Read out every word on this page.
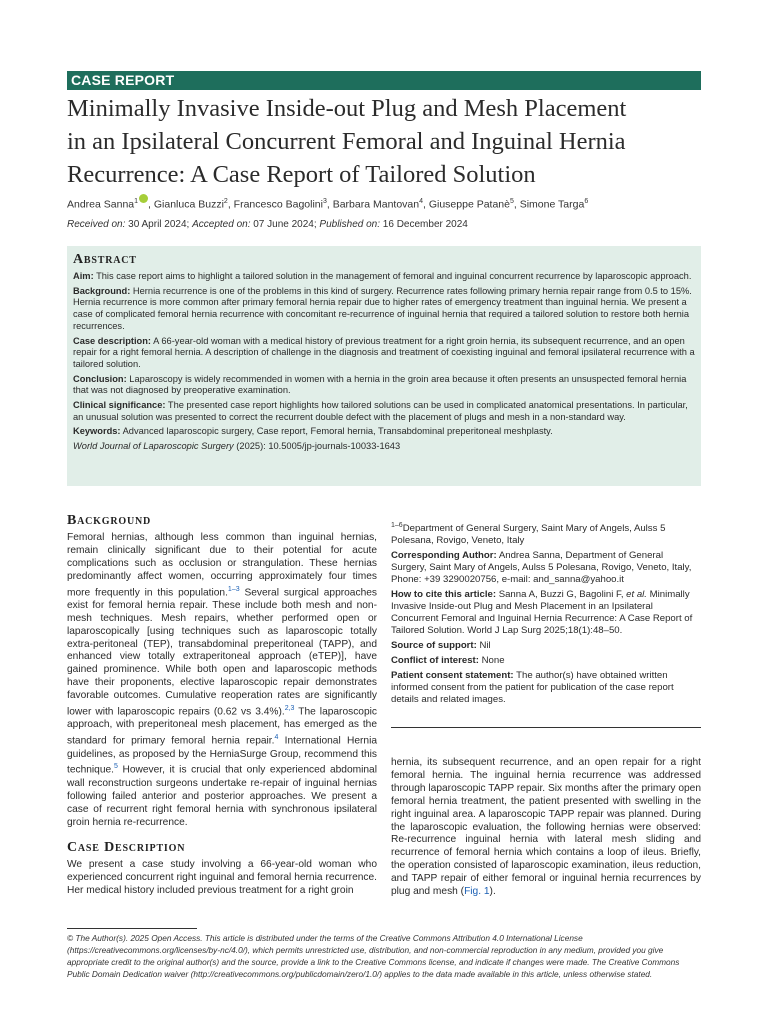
CASE REPORT
Minimally Invasive Inside-out Plug and Mesh Placement
in an Ipsilateral Concurrent Femoral and Inguinal Hernia
Recurrence: A Case Report of Tailored Solution
Andrea Sanna$^1$ , Gianluca Buzzi$^2$, Francesco Bagolini$^3$, Barbara Mantovan$^4$, Giuseppe Patanè$^5$, Simone Targa$^6$
Received on: 30 April 2024; Accepted on: 07 June 2024; Published on: 16 December 2024
Abstract

Aim: This case report aims to highlight a tailored solution in the management of femoral and inguinal concurrent recurrence by laparoscopic approach.

Background: Hernia recurrence is one of the problems in this kind of surgery. Recurrence rates following primary hernia repair range from 0.5 to 15%. Hernia recurrence is more common after primary femoral hernia repair due to higher rates of emergency treatment than inguinal hernia. We present a case of complicated femoral hernia recurrence with concomitant re-recurrence of inguinal hernia that required a tailored solution to restore both hernia recurrences.

Case description: A 66-year-old woman with a medical history of previous treatment for a right groin hernia, its subsequent recurrence, and an open repair for a right femoral hernia. A description of challenge in the diagnosis and treatment of coexisting inguinal and femoral ipsilateral recurrence with a tailored solution.

Conclusion: Laparoscopy is widely recommended in women with a hernia in the groin area because it often presents an unsuspected femoral hernia that was not diagnosed by preoperative examination.

Clinical significance: The presented case report highlights how tailored solutions can be used in complicated anatomical presentations. In particular, an unusual solution was presented to correct the recurrent double defect with the placement of plugs and mesh in a non-standard way.

Keywords: Advanced laparoscopic surgery, Case report, Femoral hernia, Transabdominal preperitoneal meshplasty.

World Journal of Laparoscopic Surgery (2025): 10.5005/jp-journals-10033-1643

Background

Femoral hernias, although less common than inguinal hernias, remain clinically significant due to their potential for acute complications such as occlusion or strangulation. These hernias predominantly affect women, occurring approximately four times more frequently in this population.$^{1-3}$ Several surgical approaches exist for femoral hernia repair. These include both mesh and non-mesh techniques. Mesh repairs, whether performed open or laparoscopically [using techniques such as laparoscopic totally extra-peritoneal (TEP), transabdominal preperitoneal (TAPP), and enhanced view totally extraperitoneal approach (eTEP)], have gained prominence. While both open and laparoscopic methods have their proponents, elective laparoscopic repair demonstrates favorable outcomes. Cumulative reoperation rates are significantly lower with laparoscopic repairs (0.62 vs 3.4%).$^{2,3}$ The laparoscopic approach, with preperitoneal mesh placement, has emerged as the standard for primary femoral hernia repair.$^4$ International Hernia guidelines, as proposed by the HerniaSurge Group, recommend this technique.$^5$ However, it is crucial that only experienced abdominal wall reconstruction surgeons undertake re-repair of inguinal hernias following failed anterior and posterior approaches. We present a case of recurrent right femoral hernia with synchronous ipsilateral groin hernia re-recurrence.

Case Description

We present a case study involving a 66-year-old woman who experienced concurrent right inguinal and femoral hernia recurrence. Her medical history included previous treatment for a right groin

$^{1-6}$Department of General Surgery, Saint Mary of Angels, Aulss 5 Polesana, Rovigo, Veneto, Italy

Corresponding Author: Andrea Sanna, Department of General Surgery, Saint Mary of Angels, Aulss 5 Polesana, Rovigo, Veneto, Italy, Phone: +39 3290020756, e-mail: and_sanna@yahoo.it

How to cite this article: Sanna A, Buzzi G, Bagolini F, et al. Minimally Invasive Inside-out Plug and Mesh Placement in an Ipsilateral Concurrent Femoral and Inguinal Hernia Recurrence: A Case Report of Tailored Solution. World J Lap Surg 2025;18(1):48–50.

Source of support: Nil

Conflict of interest: None

Patient consent statement: The author(s) have obtained written informed consent from the patient for publication of the case report details and related images.

hernia, its subsequent recurrence, and an open repair for a right femoral hernia. The inguinal hernia recurrence was addressed through laparoscopic TAPP repair. Six months after the primary open femoral hernia treatment, the patient presented with swelling in the right inguinal area. A laparoscopic TAPP repair was planned. During the laparoscopic evaluation, the following hernias were observed: Re-recurrence inguinal hernia with lateral mesh sliding and recurrence of femoral hernia which contains a loop of ileus. Briefly, the operation consisted of laparoscopic examination, ileus reduction, and TAPP repair of either femoral or inguinal hernia recurrences by plug and mesh (Fig. 1).

© The Author(s). 2025 Open Access. This article is distributed under the terms of the Creative Commons Attribution 4.0 International License (https://creativecommons.org/licenses/by-nc/4.0/), which permits unrestricted use, distribution, and non-commercial reproduction in any medium, provided you give appropriate credit to the original author(s) and the source, provide a link to the Creative Commons license, and indicate if changes were made. The Creative Commons Public Domain Dedication waiver (http://creativecommons.org/publicdomain/zero/1.0/) applies to the data made available in this article, unless otherwise stated.
